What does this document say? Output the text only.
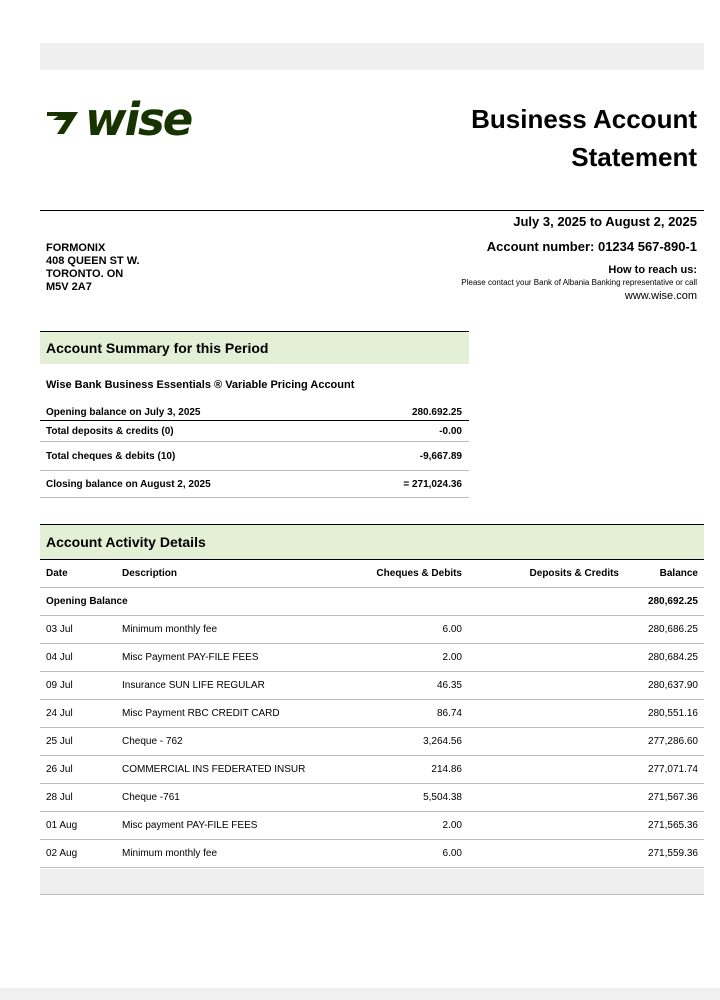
wise	Business Account
Statement
July 3, 2025 to August 2, 2025
Account number: 01234 567-890-1
How to reach us:
Please contact your Bank of Albania Banking representative or call
www.wise.com
FORMONIX
408 QUEEN ST W.
TORONTO. ON
M5V 2A7
Account Summary for this Period
Wise Bank Business Essentials ® Variable Pricing Account
Opening balance on July 3, 2025	280.692.25
Total deposits & credits (0)	-0.00
Total cheques & debits (10)	-9,667.89
Closing balance on August 2, 2025	= 271,024.36
Account Activity Details
Date	Description	Cheques & Debits	Deposits & Credits	Balance
Opening Balance				280,692.25
03 Jul	Minimum monthly fee	6.00		280,686.25
04 Jul	Misc Payment PAY-FILE FEES	2.00		280,684.25
09 Jul	Insurance SUN LIFE REGULAR	46.35		280,637.90
24 Jul	Misc Payment RBC CREDIT CARD	86.74		280,551.16
25 Jul	Cheque - 762	3,264.56		277,286.60
26 Jul	COMMERCIAL INS FEDERATED INSUR	214.86		277,071.74
28 Jul	Cheque -761	5,504.38		271,567.36
01 Aug	Misc payment PAY-FILE FEES	2.00		271,565.36
02 Aug	Minimum monthly fee	6.00		271,559.36
